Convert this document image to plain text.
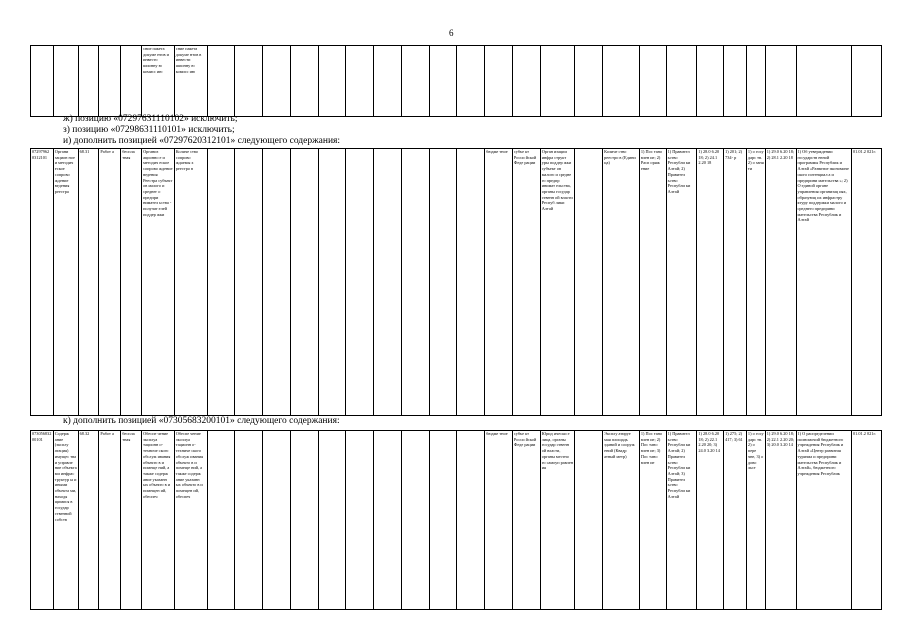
6
					сние пакета докуме нтов и инвесто шионну ю комисс ию	сние пакета докумe нтов в инвести шионну ю комисс ию																							
ж) позицию «07297631110102» исключить;
з) позицию «07298631110101» исключить;
и) дополнить позицией «07297620312101» следующего содержания:
07297962 0312101	Органи зацион ное и методич еское сопрово ждение ведения реестра	68.31	Работ а	бесплa тная	Организ ационно е и методич еское сопрово ждение ведения Реестра субъект ов малого и среднег о предпри нимател ьства - получат елей поддер жки	Количе ство сопрово ждаемы х реестро в											бюдже тное	субъе кт Росси йской Феде рации	Орган изации инфра структ уры поддер жки субъект ов малого и средне го предпр инимат ельства, органы государ ственн ой власти Респуб лики Алтай		Количе ство реестро в (Едини ца)	1) Пос тано влен ие; 2) Расп оряж ение	1) Правител ьство Республи ки Алтай; 2) Правител ьство Республи ки Алтай	1) 28.0 6.20 18; 2) 24.1 2.20 18	1) 201; 2) 734- р	1) о госу дарс тв. 2) о заня ти	1) 29.0 6.20 18; 2) 28.1 2.20 18	1) Об утверждении государств енной программы Республик и Алтай «Развитие экономиче ского потенциал а и предприни мательства »; 2) О единой органе управления организац иях, образующ их инфрастру ктуру поддержки малого и среднего предприни мательства Республик и Алтай	01.01.2 021г.
к) дополнить позицией «07305683200101» следующего содержания:
07305683200101	Содерж ание (эксплу атация) имущес тва и управле ние объекта ми инфрас труктур ы и иными объекта ми, находя щимися в государ ственной собств	68.32	Работ а	бесплa тная	Обеспе чение эксплуа тационн о-техниче ского обслуж ивания объекто в и помеще ний, а также содерж ание указанн ых объекто в и помещен ий, обеспеч	Обеспе чение эксплуа тационн о-техниче ского обслуж ивания объекто в и помеще ний, а также содерж ание указанн ых объекто в и помещен ий, обеспеч											бюдже тное	субъе кт Росси йской Феде рации	Юрид ически е лица, органы государ ственн ой власти, органы местно го самоуп равлен ия		Эксплу атируе мая площадь зданий и сооруж ений (Квадр атный метр)	1) Пос тано влен ие; 2) Пос тано влен ие; 3) Пос тано влен ие	1) Правител ьство Республи ки Алтай; 2) Правител ьство Республи ки Алтай; 3) Правител ьство Республи ки Алтай	1) 28.0 6.20 18; 2) 22.1 2.20 20; 3) 24.0 3.20 14	1) 275; 2) 417; 3) 61	1) о госу дарс тв. 2) о пере чне, 3) о дово льст	1) 29.0 6.20 18; 2) 22.1 2.20 20; 3) 20.0 3.20 14	1) О распределении полномочий бюджетного учреждения Республик и Алтай «Центр развития туризма и предприни мательства Республик и Алтай», бюджетного учреждения Республик	01.01.2 021г.
